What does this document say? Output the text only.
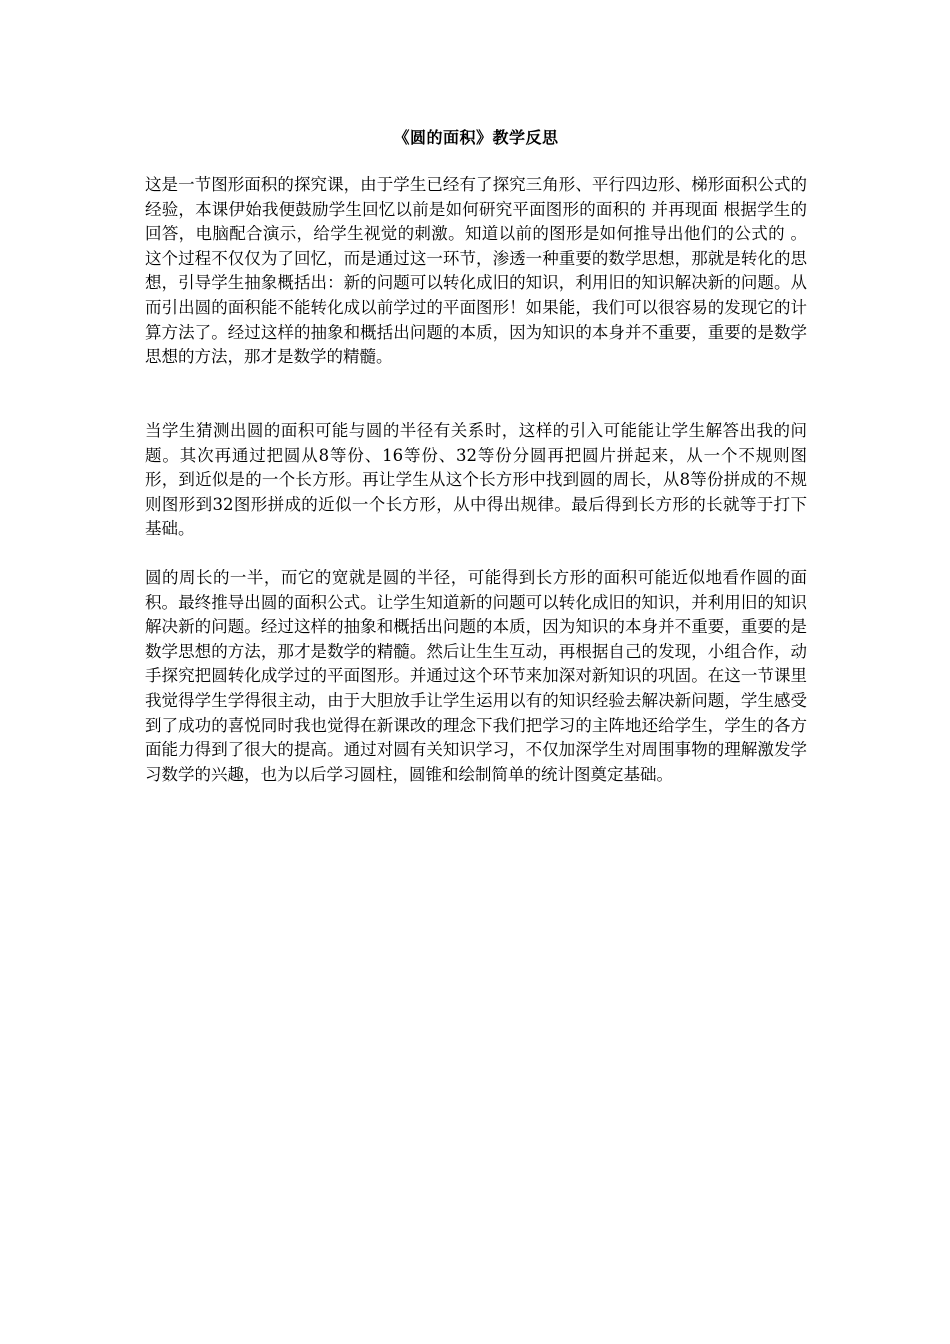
《圆的面积》教学反思

这是一节图形面积的探究课，由于学生已经有了探究三角形、平行四边形、梯形面积公式的经验，本课伊始我便鼓励学生回忆以前是如何研究平面图形的面积的 并再现面 根据学生的回答，电脑配合演示，给学生视觉的刺激。知道以前的图形是如何推导出他们的公式的 。这个过程不仅仅为了回忆，而是通过这一环节，渗透一种重要的数学思想，那就是转化的思想，引导学生抽象概括出：新的问题可以转化成旧的知识，利用旧的知识解决新的问题。从而引出圆的面积能不能转化成以前学过的平面图形！如果能，我们可以很容易的发现它的计算方法了。经过这样的抽象和概括出问题的本质，因为知识的本身并不重要，重要的是数学思想的方法，那才是数学的精髓。

当学生猜测出圆的面积可能与圆的半径有关系时，这样的引入可能能让学生解答出我的问题。其次再通过把圆从8等份、16等份、32等份分圆再把圆片拼起来，从一个不规则图形，到近似是的一个长方形。再让学生从这个长方形中找到圆的周长，从8等份拼成的不规则图形到32图形拼成的近似一个长方形，从中得出规律。最后得到长方形的长就等于打下基础。

圆的周长的一半，而它的宽就是圆的半径，可能得到长方形的面积可能近似地看作圆的面积。最终推导出圆的面积公式。让学生知道新的问题可以转化成旧的知识，并利用旧的知识解决新的问题。经过这样的抽象和概括出问题的本质，因为知识的本身并不重要，重要的是数学思想的方法，那才是数学的精髓。然后让生生互动，再根据自己的发现，小组合作，动手探究把圆转化成学过的平面图形。并通过这个环节来加深对新知识的巩固。在这一节课里我觉得学生学得很主动，由于大胆放手让学生运用以有的知识经验去解决新问题，学生感受到了成功的喜悦同时我也觉得在新课改的理念下我们把学习的主阵地还给学生，学生的各方面能力得到了很大的提高。通过对圆有关知识学习，不仅加深学生对周围事物的理解激发学习数学的兴趣，也为以后学习圆柱，圆锥和绘制简单的统计图奠定基础。
